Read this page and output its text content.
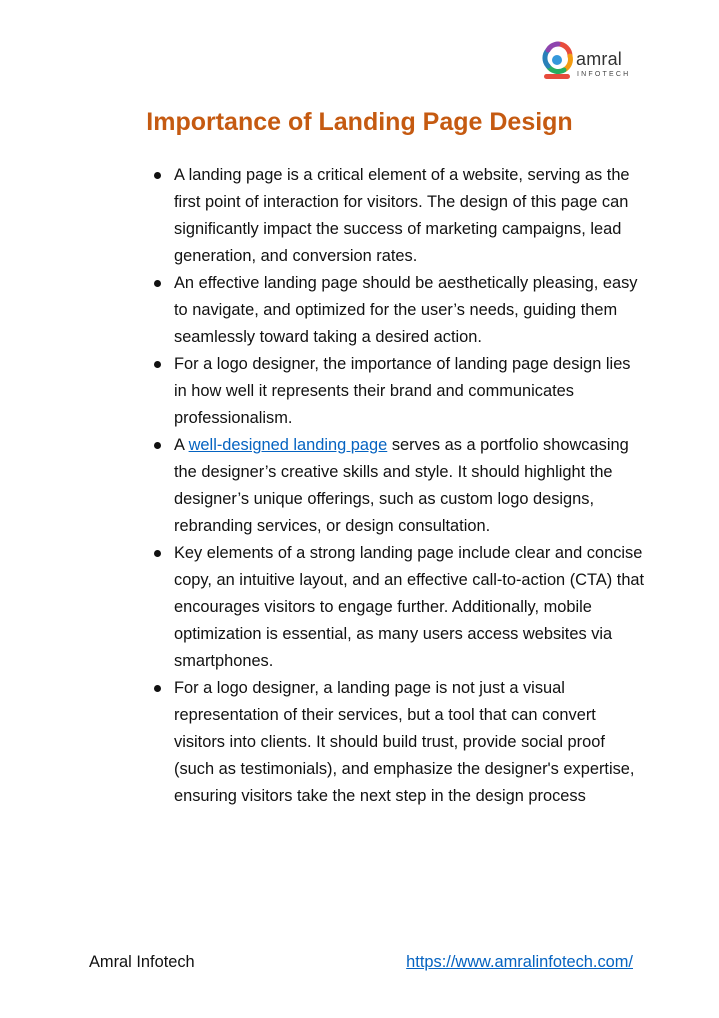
amral
INFOTECH
Importance of Landing Page Design
A landing page is a critical element of a website, serving as the first point of interaction for visitors. The design of this page can significantly impact the success of marketing campaigns, lead generation, and conversion rates.
An effective landing page should be aesthetically pleasing, easy to navigate, and optimized for the user’s needs, guiding them seamlessly toward taking a desired action.
For a logo designer, the importance of landing page design lies in how well it represents their brand and communicates professionalism.
A well-designed landing page serves as a portfolio showcasing the designer’s creative skills and style. It should highlight the designer’s unique offerings, such as custom logo designs, rebranding services, or design consultation.
Key elements of a strong landing page include clear and concise copy, an intuitive layout, and an effective call-to-action (CTA) that encourages visitors to engage further. Additionally, mobile optimization is essential, as many users access websites via smartphones.
For a logo designer, a landing page is not just a visual representation of their services, but a tool that can convert visitors into clients. It should build trust, provide social proof (such as testimonials), and emphasize the designer's expertise, ensuring visitors take the next step in the design process
Amral Infotech	https://www.amralinfotech.com/
